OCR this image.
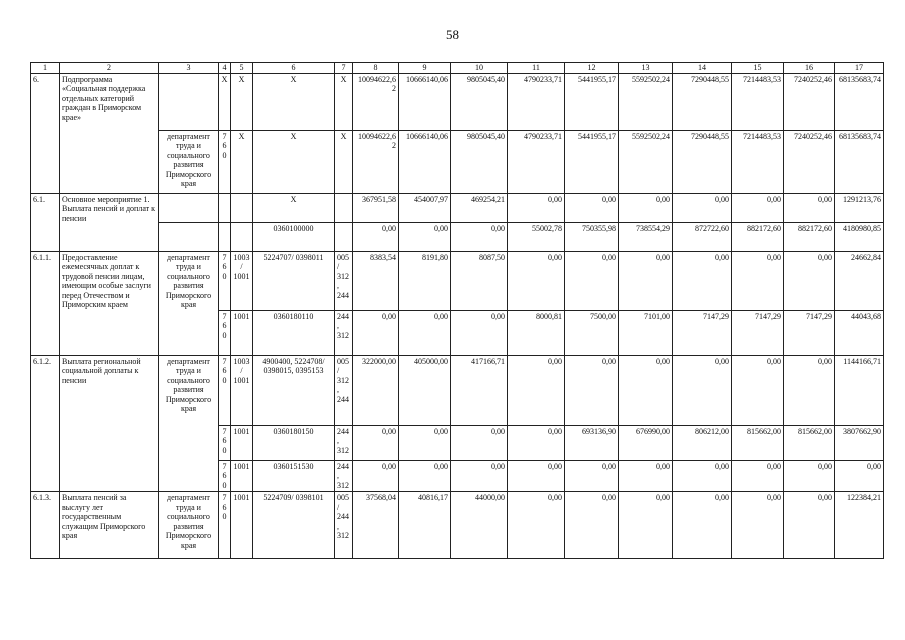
58
1	2	3	4	5	6	7	8	9	10	11	12	13	14	15	16	17
6.	Подпрограмма «Социальная поддержка отдельных категорий граждан в Приморском крае»		X	X	X	X	10094622,62	10666140,06	9805045,40	4790233,71	5441955,17	5592502,24	7290448,55	7214483,53	7240252,46	68135683,74
		департамент труда и социального развития Приморского края	760	X	X	X	10094622,62	10666140,06	9805045,40	4790233,71	5441955,17	5592502,24	7290448,55	7214483,53	7240252,46	68135683,74
6.1.	Основное мероприятие 1. Выплата пенсий и доплат к пенсии				X		367951,58	454007,97	469254,21	0,00	0,00	0,00	0,00	0,00	0,00	1291213,76
					0360100000		0,00	0,00	0,00	55002,78	750355,98	738554,29	872722,60	882172,60	882172,60	4180980,85
6.1.1.	Предоставление ежемесячных доплат к трудовой пенсии лицам, имеющим особые заслуги перед Отечеством и Приморским краем	департамент труда и социального развития Приморского края	760	1003/ 1001	5224707/ 0398011	005/ 312, 244	8383,54	8191,80	8087,50	0,00	0,00	0,00	0,00	0,00	0,00	24662,84
			760	1001	0360180110	244, 312	0,00	0,00	0,00	8000,81	7500,00	7101,00	7147,29	7147,29	7147,29	44043,68
6.1.2.	Выплата региональной социальной доплаты к пенсии	департамент труда и социального развития Приморского края	760	1003/ 1001	4900400, 5224708/ 0398015, 0395153	005/ 312, 244	322000,00	405000,00	417166,71	0,00	0,00	0,00	0,00	0,00	0,00	1144166,71
			760	1001	0360180150	244, 312	0,00	0,00	0,00	0,00	693136,90	676990,00	806212,00	815662,00	815662,00	3807662,90
			760	1001	0360151530	244, 312	0,00	0,00	0,00	0,00	0,00	0,00	0,00	0,00	0,00	0,00
6.1.3.	Выплата пенсий за выслугу лет государственным служащим Приморского края	департамент труда и социального развития Приморского края	760	1001	5224709/ 0398101	005/ 244, 312	37568,04	40816,17	44000,00	0,00	0,00	0,00	0,00	0,00	0,00	122384,21
